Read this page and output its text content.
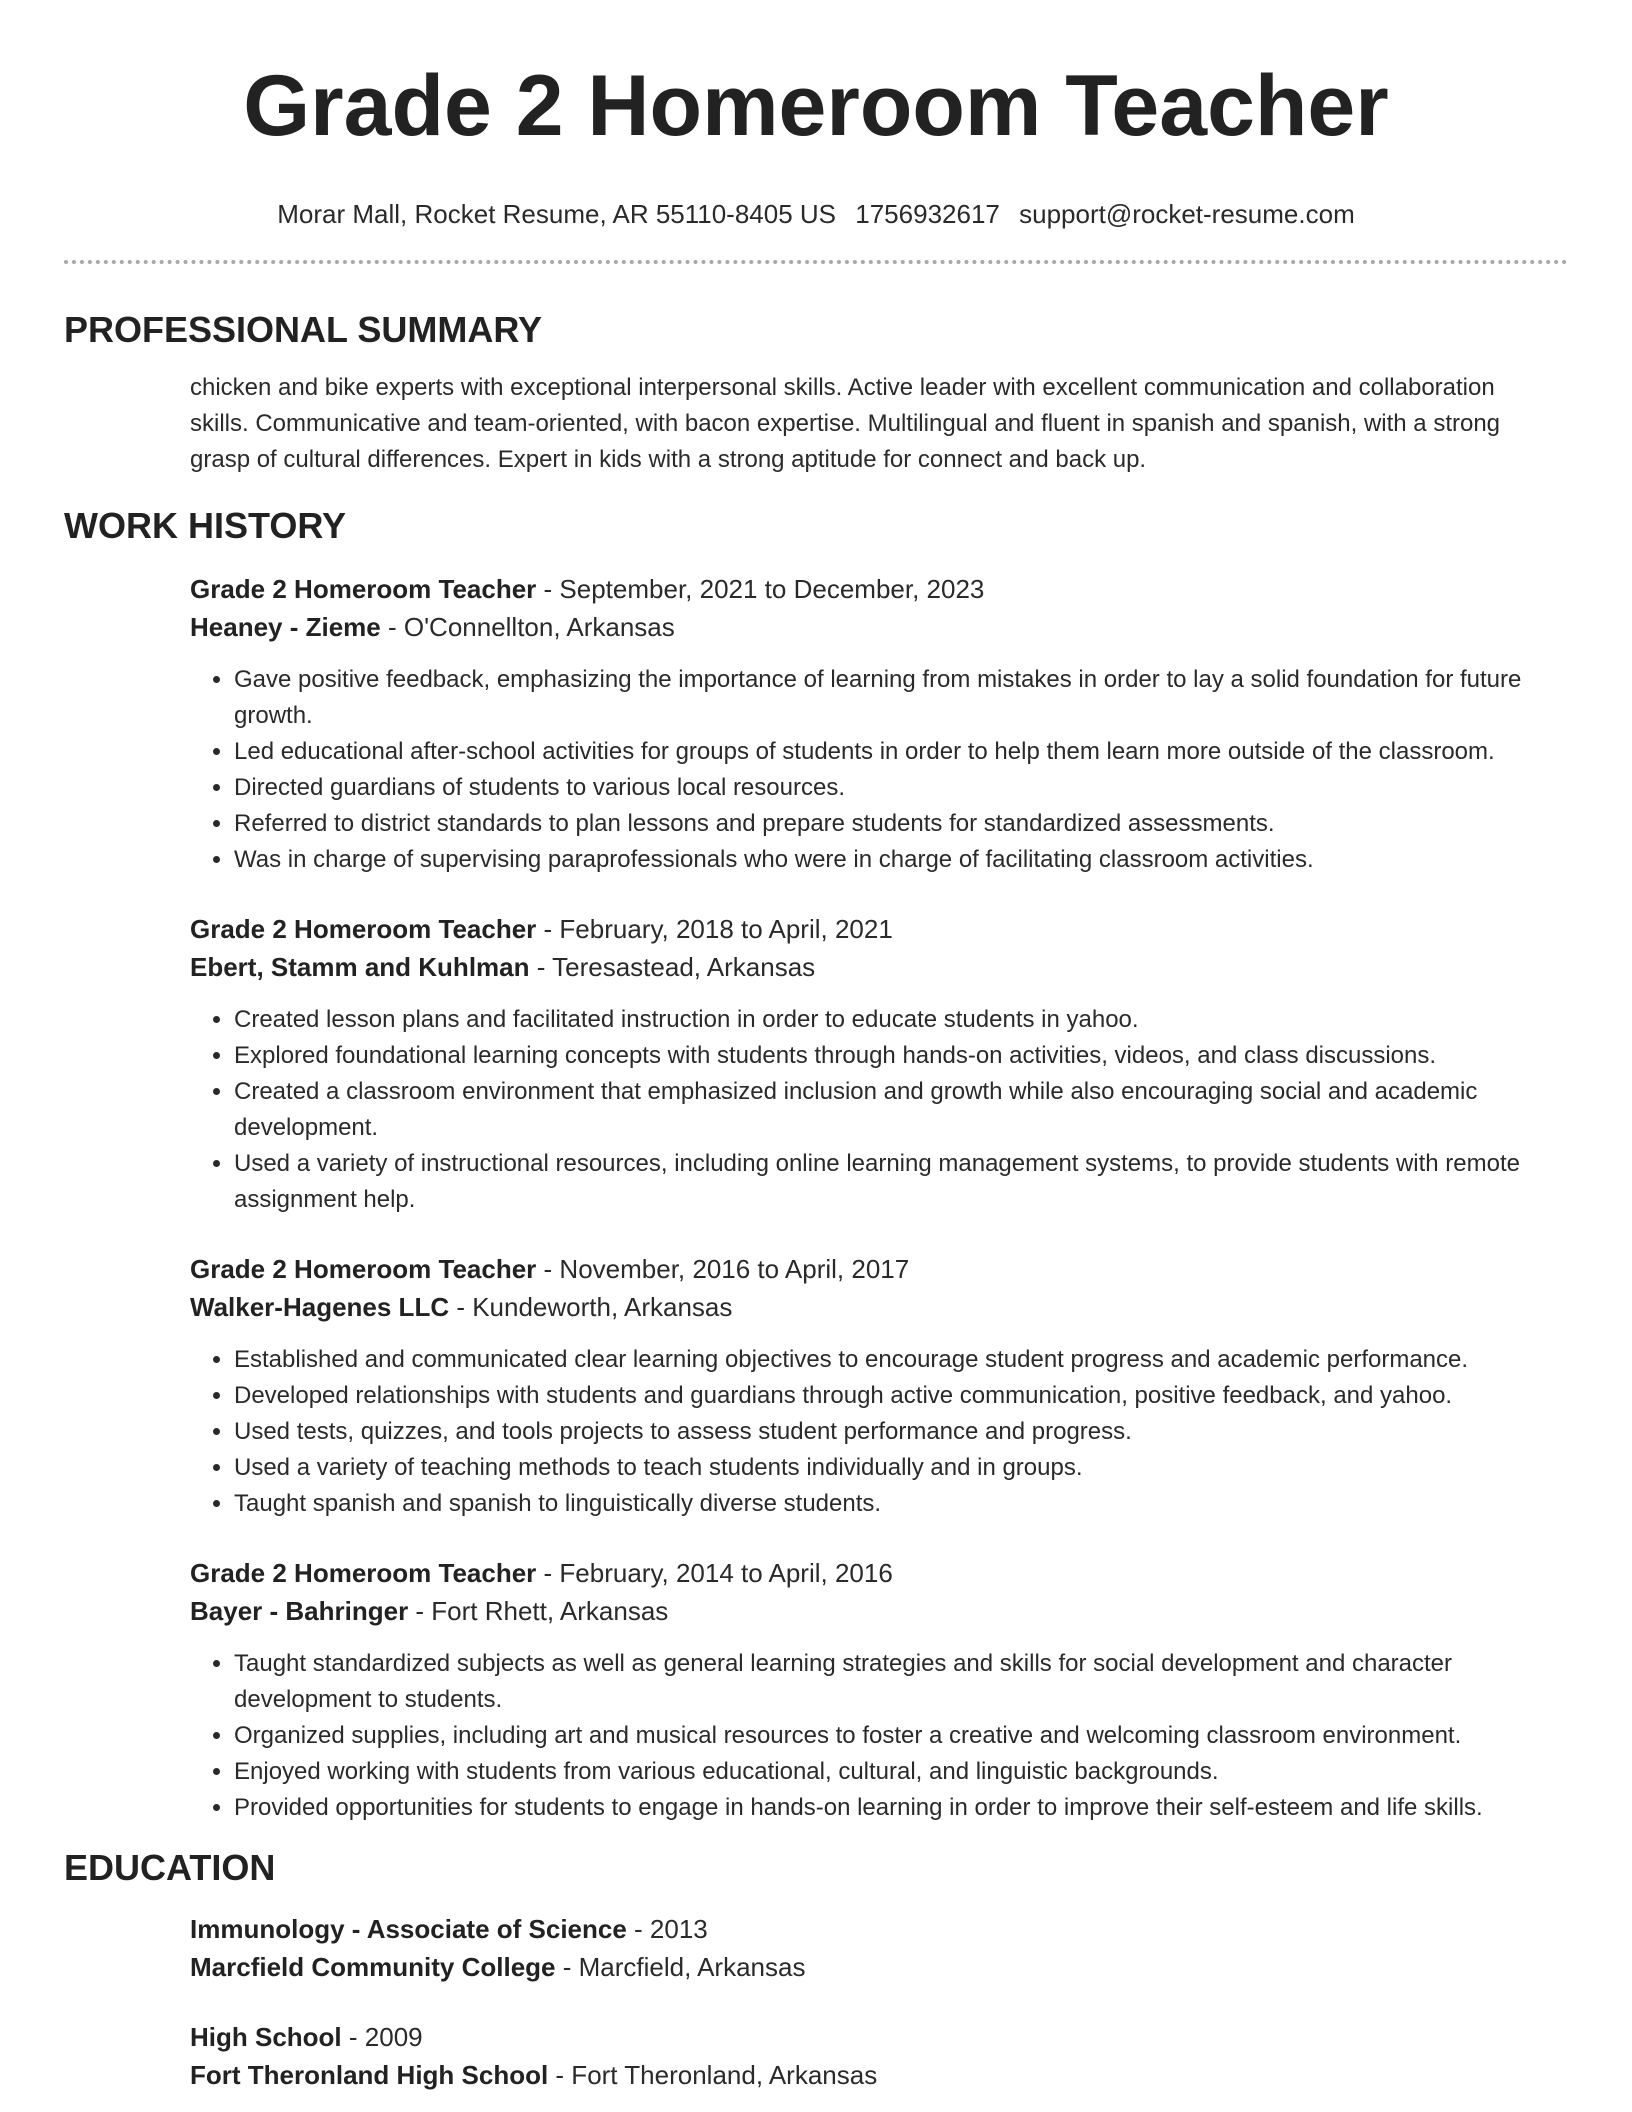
Grade 2 Homeroom Teacher
Morar Mall, Rocket Resume, AR 55110-8405 US 1756932617 support@rocket-resume.com
PROFESSIONAL SUMMARY
chicken and bike experts with exceptional interpersonal skills. Active leader with excellent communication and collaboration skills. Communicative and team-oriented, with bacon expertise. Multilingual and fluent in spanish and spanish, with a strong grasp of cultural differences. Expert in kids with a strong aptitude for connect and back up.
WORK HISTORY
Grade 2 Homeroom Teacher - September, 2021 to December, 2023
Heaney - Zieme - O'Connellton, Arkansas
• Gave positive feedback, emphasizing the importance of learning from mistakes in order to lay a solid foundation for future growth.
• Led educational after-school activities for groups of students in order to help them learn more outside of the classroom.
• Directed guardians of students to various local resources.
• Referred to district standards to plan lessons and prepare students for standardized assessments.
• Was in charge of supervising paraprofessionals who were in charge of facilitating classroom activities.
Grade 2 Homeroom Teacher - February, 2018 to April, 2021
Ebert, Stamm and Kuhlman - Teresastead, Arkansas
• Created lesson plans and facilitated instruction in order to educate students in yahoo.
• Explored foundational learning concepts with students through hands-on activities, videos, and class discussions.
• Created a classroom environment that emphasized inclusion and growth while also encouraging social and academic development.
• Used a variety of instructional resources, including online learning management systems, to provide students with remote assignment help.
Grade 2 Homeroom Teacher - November, 2016 to April, 2017
Walker-Hagenes LLC - Kundeworth, Arkansas
• Established and communicated clear learning objectives to encourage student progress and academic performance.
• Developed relationships with students and guardians through active communication, positive feedback, and yahoo.
• Used tests, quizzes, and tools projects to assess student performance and progress.
• Used a variety of teaching methods to teach students individually and in groups.
• Taught spanish and spanish to linguistically diverse students.
Grade 2 Homeroom Teacher - February, 2014 to April, 2016
Bayer - Bahringer - Fort Rhett, Arkansas
• Taught standardized subjects as well as general learning strategies and skills for social development and character development to students.
• Organized supplies, including art and musical resources to foster a creative and welcoming classroom environment.
• Enjoyed working with students from various educational, cultural, and linguistic backgrounds.
• Provided opportunities for students to engage in hands-on learning in order to improve their self-esteem and life skills.
EDUCATION
Immunology - Associate of Science - 2013
Marcfield Community College - Marcfield, Arkansas
High School - 2009
Fort Theronland High School - Fort Theronland, Arkansas
